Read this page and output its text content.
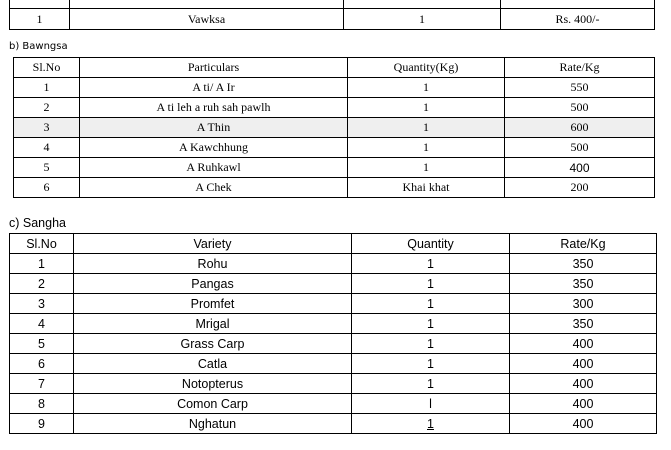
1	Vawksa	1	Rs. 400/-

b) Bawngsa

Sl.No	Particulars	Quantity(Kg)	Rate/Kg
1	A ti/ A Ir	1	550
2	A ti leh a ruh sah pawlh	1	500
3	A Thin	1	600
4	A Kawchhung	1	500
5	A Ruhkawl	1	400
6	A Chek	Khai khat	200

c) Sangha

Sl.No	Variety	Quantity	Rate/Kg
1	Rohu	1	350
2	Pangas	1	350
3	Promfet	1	300
4	Mrigal	1	350
5	Grass Carp	1	400
6	Catla	1	400
7	Notopterus	1	400
8	Comon Carp	l	400
9	Nghatun	1	400
